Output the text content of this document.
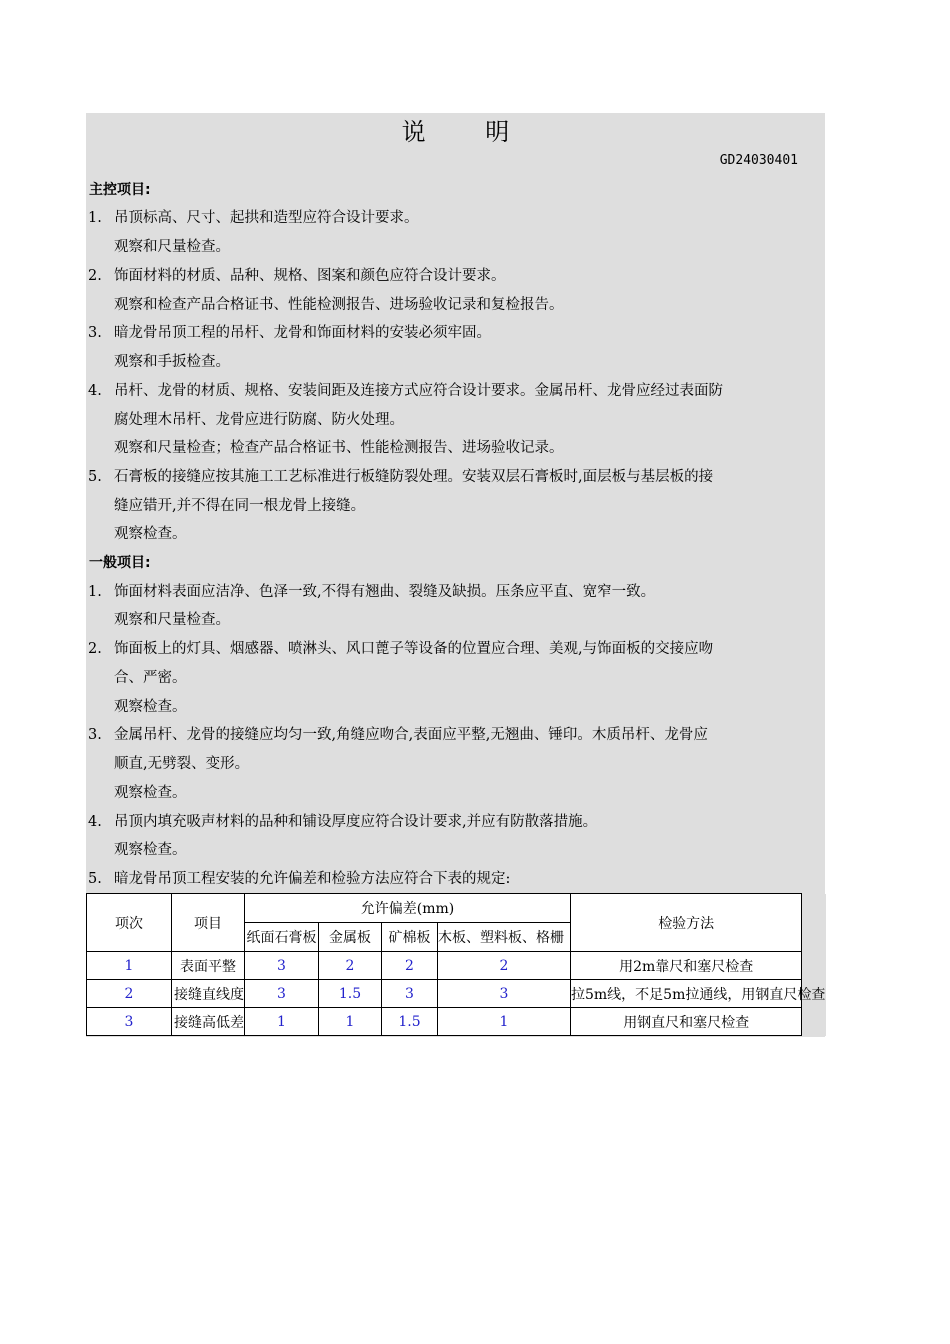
说 明
GD24030401
主控项目:
1. 吊顶标高、尺寸、起拱和造型应符合设计要求。
观察和尺量检查。
2. 饰面材料的材质、品种、规格、图案和颜色应符合设计要求。
观察和检查产品合格证书、性能检测报告、进场验收记录和复检报告。
3. 暗龙骨吊顶工程的吊杆、龙骨和饰面材料的安装必须牢固。
观察和手扳检查。
4. 吊杆、龙骨的材质、规格、安装间距及连接方式应符合设计要求。金属吊杆、龙骨应经过表面防
腐处理木吊杆、龙骨应进行防腐、防火处理。
观察和尺量检查；检查产品合格证书、性能检测报告、进场验收记录。
5. 石膏板的接缝应按其施工工艺标准进行板缝防裂处理。安装双层石膏板时,面层板与基层板的接
缝应错开,并不得在同一根龙骨上接缝。
观察检查。
一般项目:
1. 饰面材料表面应洁净、色泽一致,不得有翘曲、裂缝及缺损。压条应平直、宽窄一致。
观察和尺量检查。
2. 饰面板上的灯具、烟感器、喷淋头、风口蓖子等设备的位置应合理、美观,与饰面板的交接应吻
合、严密。
观察检查。
3. 金属吊杆、龙骨的接缝应均匀一致,角缝应吻合,表面应平整,无翘曲、锤印。木质吊杆、龙骨应
顺直,无劈裂、变形。
观察检查。
4. 吊顶内填充吸声材料的品种和铺设厚度应符合设计要求,并应有防散落措施。
观察检查。
5. 暗龙骨吊顶工程安装的允许偏差和检验方法应符合下表的规定:
项次	项目	允许偏差(mm)				检验方法	

		纸面石膏板	金属板	矿棉板	木板、塑料板、格栅		

1	表面平整	3	2	2	2	用2m靠尺和塞尺检查	

2	接缝直线度	3	1.5	3	3	拉5m线，不足5m拉通线，用钢直尺检查	

3	接缝高低差	1	1	1.5	1	用钢直尺和塞尺检查	
